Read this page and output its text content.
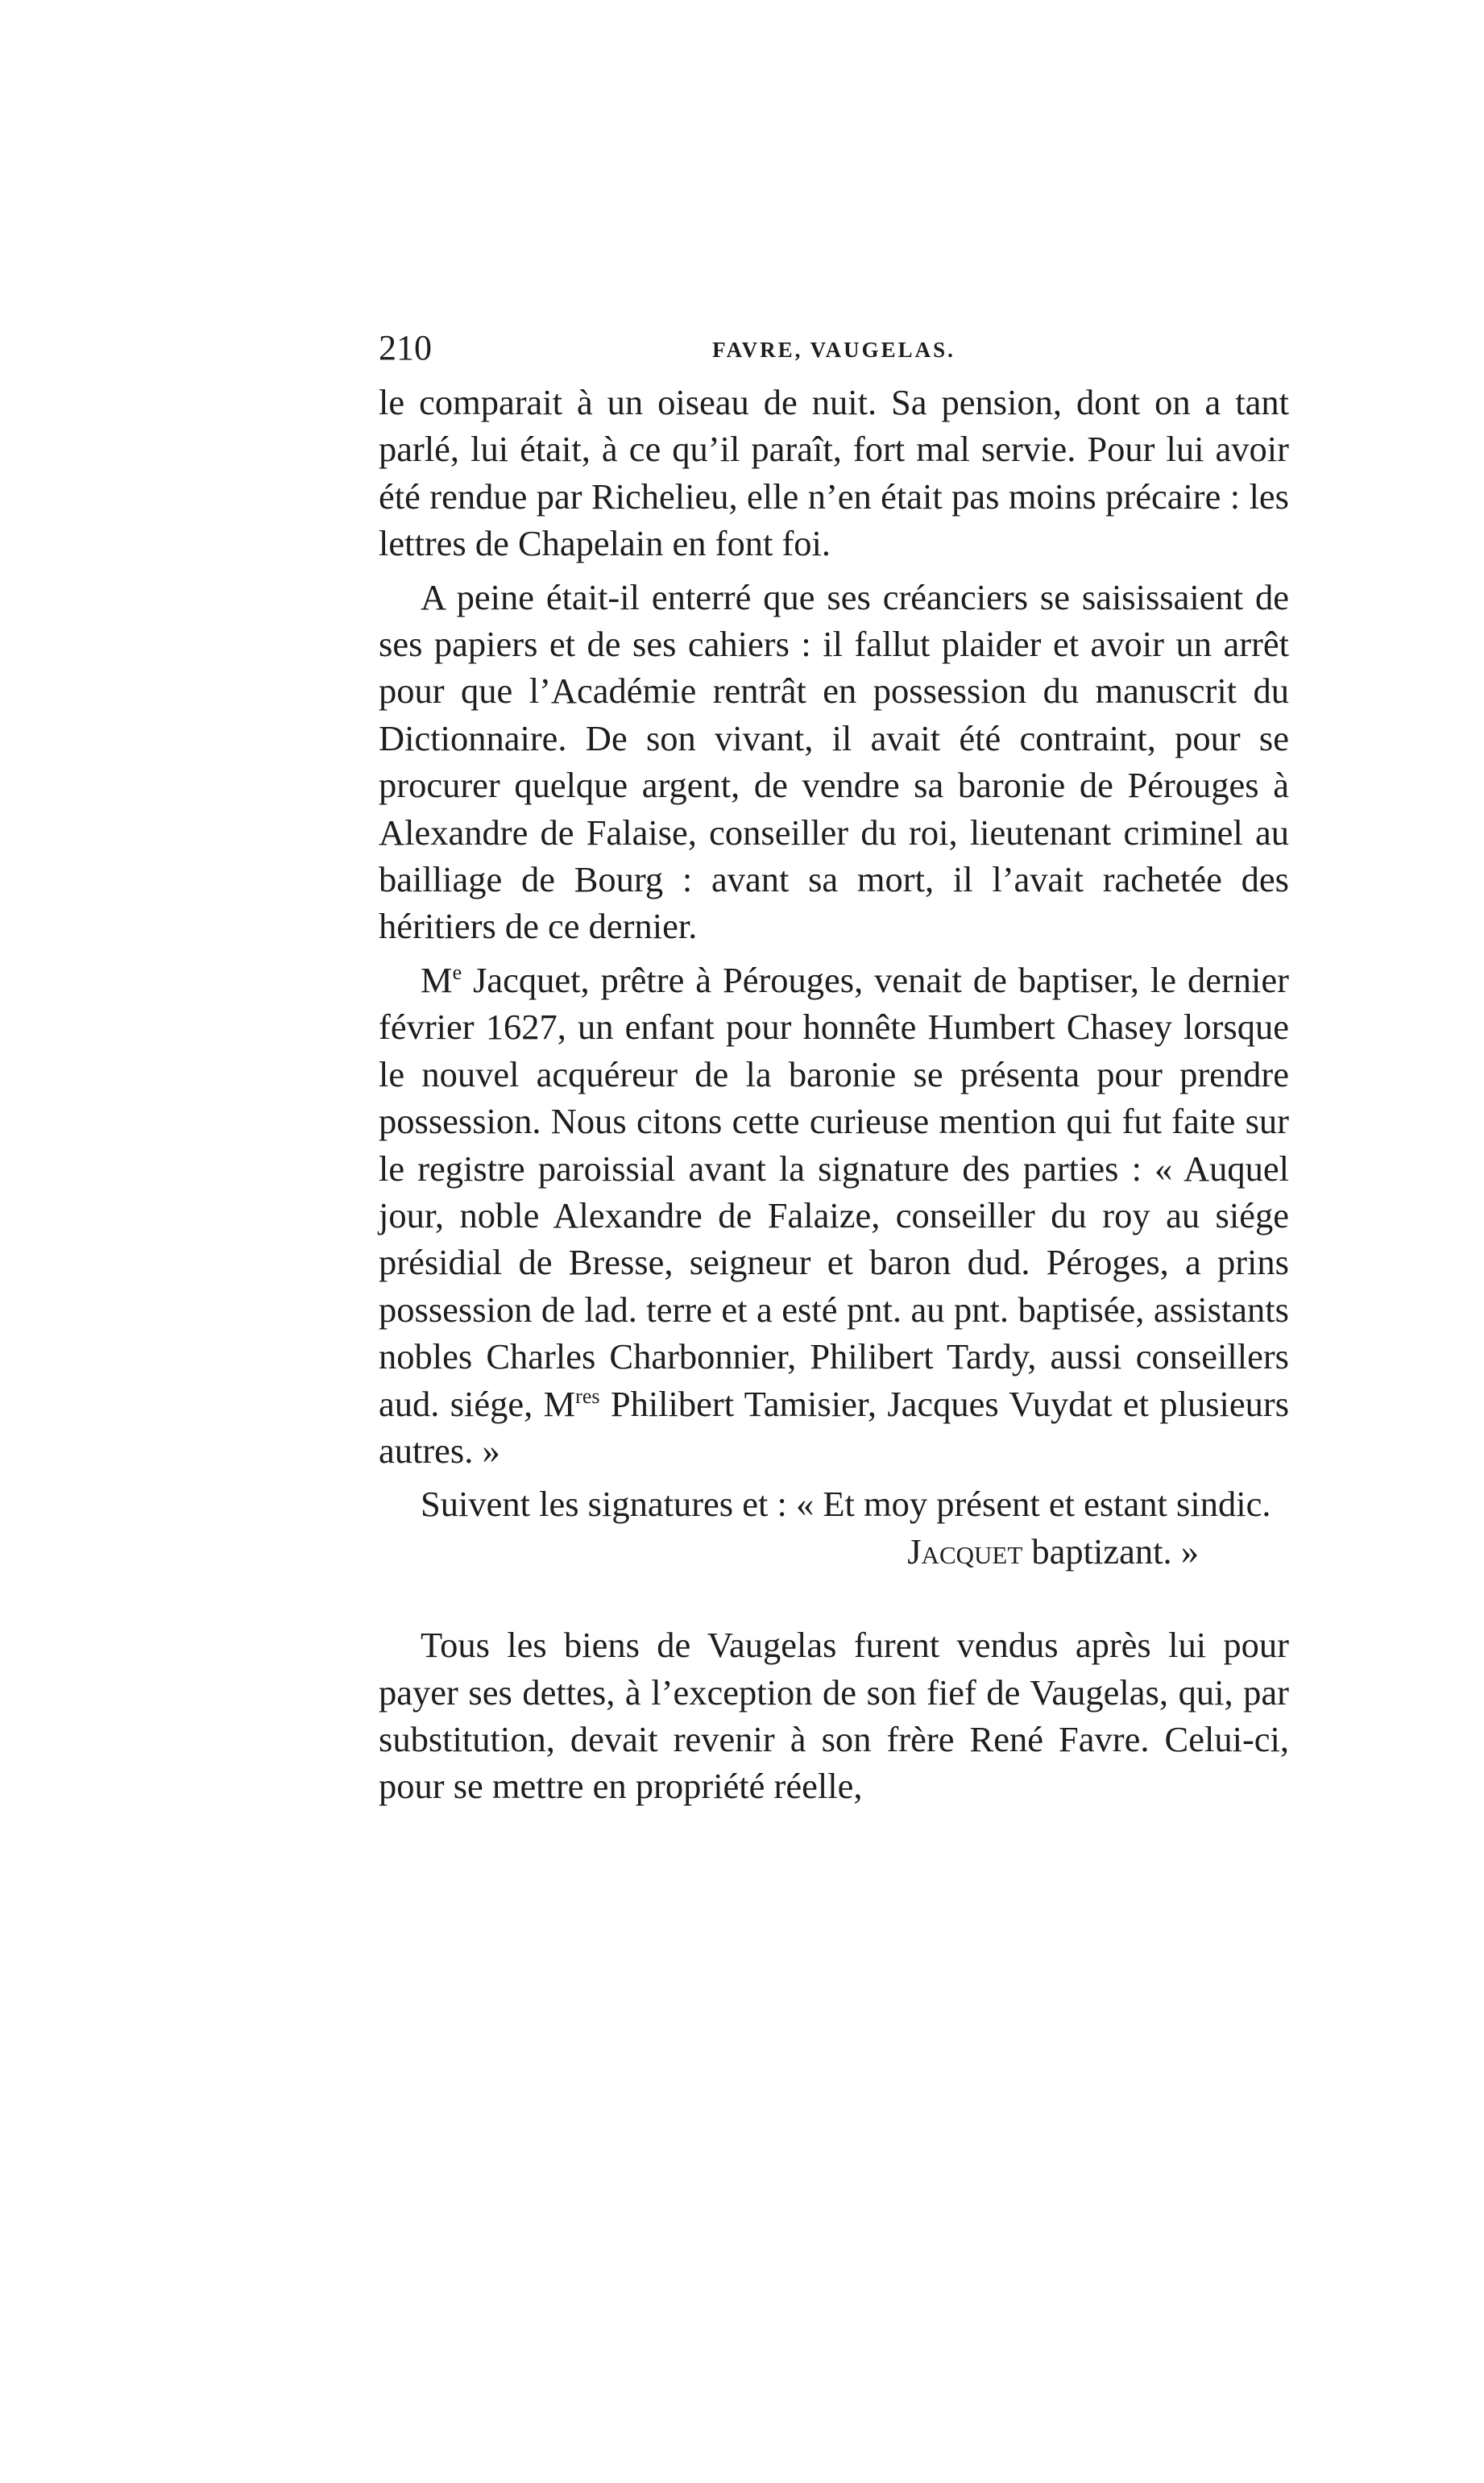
210	FAVRE, VAUGELAS.

le comparait à un oiseau de nuit. Sa pension, dont on a tant parlé, lui était, à ce qu’il paraît, fort mal servie. Pour lui avoir été rendue par Richelieu, elle n’en était pas moins précaire : les lettres de Chapelain en font foi.

A peine était-il enterré que ses créanciers se saisissaient de ses papiers et de ses cahiers : il fallut plaider et avoir un arrêt pour que l’Académie rentrât en possession du manuscrit du Dictionnaire. De son vivant, il avait été contraint, pour se procurer quelque argent, de vendre sa baronie de Pérouges à Alexandre de Falaise, conseiller du roi, lieutenant criminel au bailliage de Bourg : avant sa mort, il l’avait rachetée des héritiers de ce dernier.

Me Jacquet, prêtre à Pérouges, venait de baptiser, le dernier février 1627, un enfant pour honnête Humbert Chasey lorsque le nouvel acquéreur de la baronie se présenta pour prendre possession. Nous citons cette curieuse mention qui fut faite sur le registre paroissial avant la signature des parties : « Auquel jour, noble Alexandre de Falaize, conseiller du roy au siége présidial de Bresse, seigneur et baron dud. Péroges, a prins possession de lad. terre et a esté pnt. au pnt. baptisée, assistants nobles Charles Charbonnier, Philibert Tardy, aussi conseillers aud. siége, Mres Philibert Tamisier, Jacques Vuydat et plusieurs autres. »

Suivent les signatures et : « Et moy présent et estant sindic.

Jacquet baptizant. »

Tous les biens de Vaugelas furent vendus après lui pour payer ses dettes, à l’exception de son fief de Vaugelas, qui, par substitution, devait revenir à son frère René Favre. Celui-ci, pour se mettre en propriété réelle,
